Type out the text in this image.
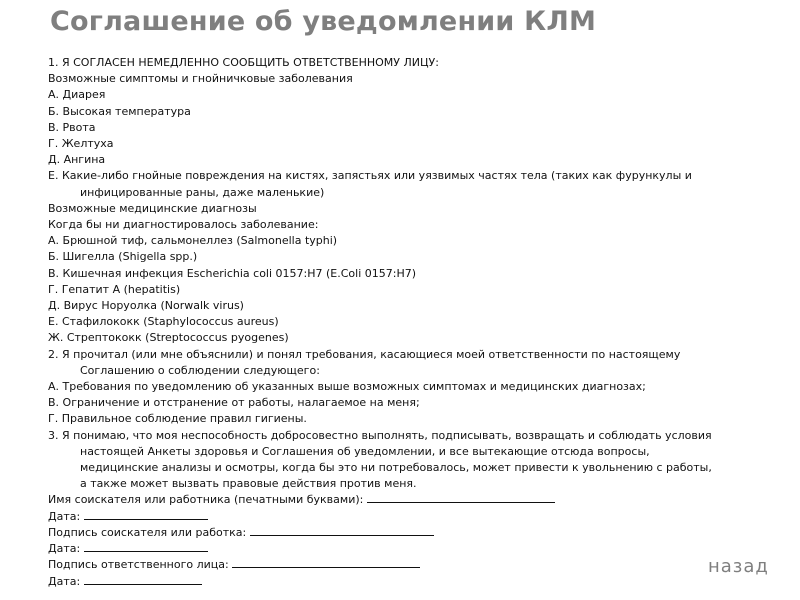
Соглашение об уведомлении КЛМ
1. Я СОГЛАСЕН НЕМЕДЛЕННО СООБЩИТЬ ОТВЕТСТВЕННОМУ ЛИЦУ:
Возможные симптомы и гнойничковые заболевания
А. Диарея
Б. Высокая температура
В. Рвота
Г. Желтуха
Д. Ангина
Е. Какие-либо гнойные повреждения на кистях, запястьях или уязвимых частях тела (таких как фурункулы и
инфицированные раны, даже маленькие)
Возможные медицинские диагнозы
Когда бы ни диагностировалось заболевание:
А. Брюшной тиф, сальмонеллез (Salmonella typhi)
Б. Шигелла (Shigella spp.)
В. Кишечная инфекция Escherichia coli 0157:H7 (E.Coli 0157:H7)
Г. Гепатит А (hepatitis)
Д. Вирус Норуолка (Norwalk virus)
Е. Стафилококк (Staphylococcus aureus)
Ж. Стрептококк (Streptococcus pyogenes)
2. Я прочитал (или мне объяснили) и понял требования, касающиеся моей ответственности по настоящему
Соглашению о соблюдении следующего:
А. Требования по уведомлению об указанных выше возможных симптомах и медицинских диагнозах;
В. Ограничение и отстранение от работы, налагаемое на меня;
Г. Правильное соблюдение правил гигиены.
3. Я понимаю, что моя неспособность добросовестно выполнять, подписывать, возвращать и соблюдать условия
настоящей Анкеты здоровья и Соглашения об уведомлении, и все вытекающие отсюда вопросы,
медицинские анализы и осмотры, когда бы это ни потребовалось, может привести к увольнению с работы,
а также может вызвать правовые действия против меня.
Имя соискателя или работника (печатными буквами):
Дата:
Подпись соискателя или работка:
Дата:
Подпись ответственного лица:
Дата:
назад
